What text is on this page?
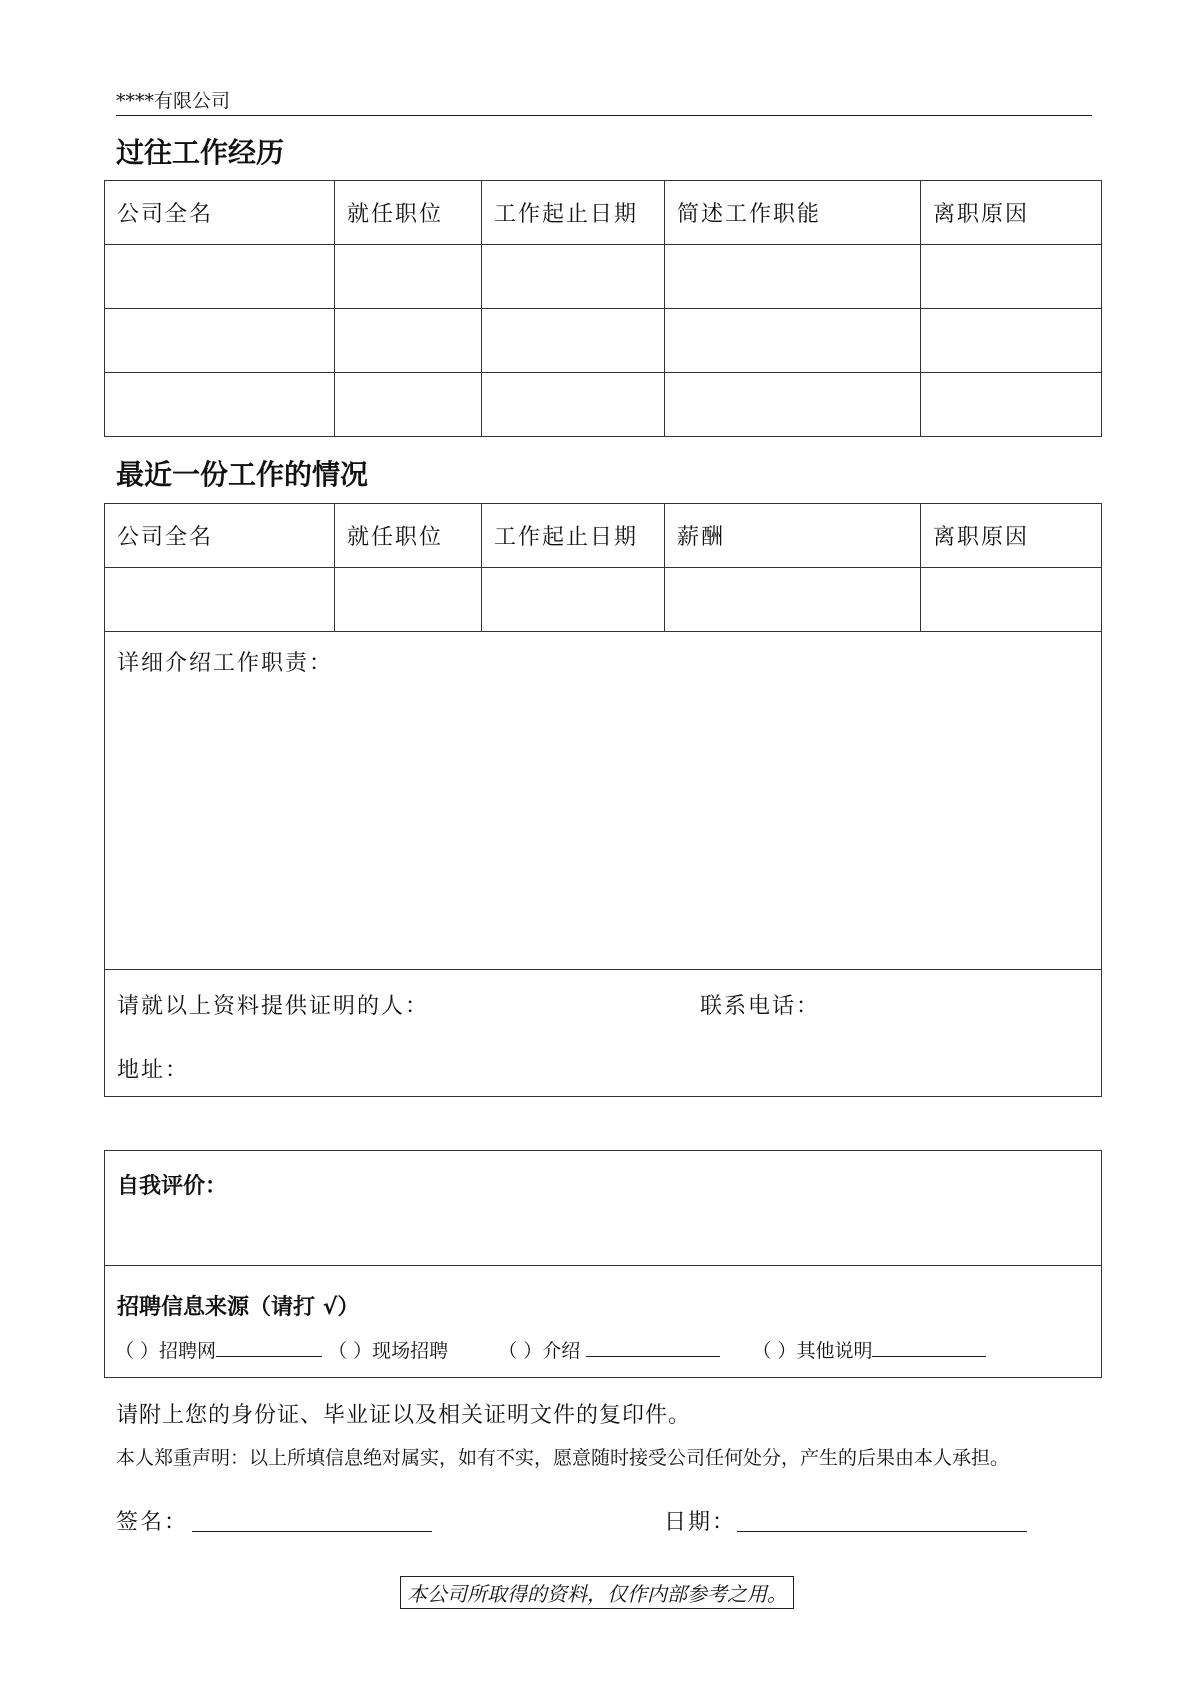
****有限公司
过往工作经历
公司全名	就任职位	工作起止日期	简述工作职能	离职原因

最近一份工作的情况
公司全名	就任职位	工作起止日期	薪酬	离职原因

详细介绍工作职责：				

请就以上资料提供证明的人： 联系电话：
地址：				
自我评价：
招聘信息来源（请打 √）
（ ）招聘网	（ ）现场招聘	（ ）介绍	（ ）其他说明
请附上您的身份证、毕业证以及相关证明文件的复印件。
本人郑重声明：以上所填信息绝对属实，如有不实，愿意随时接受公司任何处分，产生的后果由本人承担。
签名：	日期：
本公司所取得的资料，仅作内部参考之用。
